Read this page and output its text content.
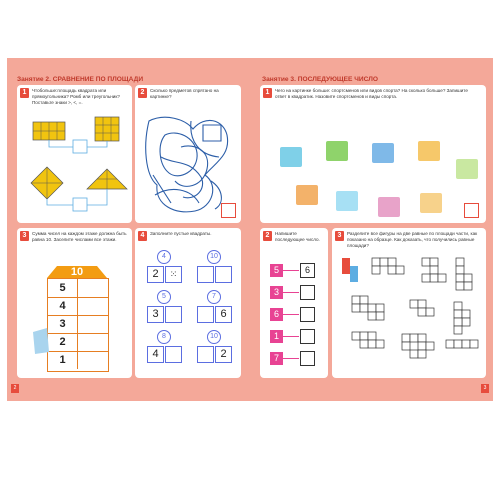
Занятие 2. СРАВНЕНИЕ ПО ПЛОЩАДИ
1	Чтобольше:площадь квадрата или прямоугольника? Ромб или треугольник? Поставьте знаки >, <, =.
2	Сколько предметов спрятано на картинке?
3	Сумма чисел на каждом этаже должна быть равна 10. Заселите числами все этажи.
10
5
4
3
2
1
4	Заполните пустые квадраты.
4
2	⁙
10
5
3
7
6
8
4
10
2
2
Занятие 3. ПОСЛЕДУЮЩЕЕ ЧИСЛО
1	Чего на картинке больше: спортсменов или видов спорта? На сколько больше? Запишите ответ в квадратик. Назовите спортсменов и виды спорта.
2	Напишите последующее число.
5	6
3
6
1
7
3	Разделите все фигуры на две равные по площади части, как показано на образце. Как доказать, что получились равные площади?
3
